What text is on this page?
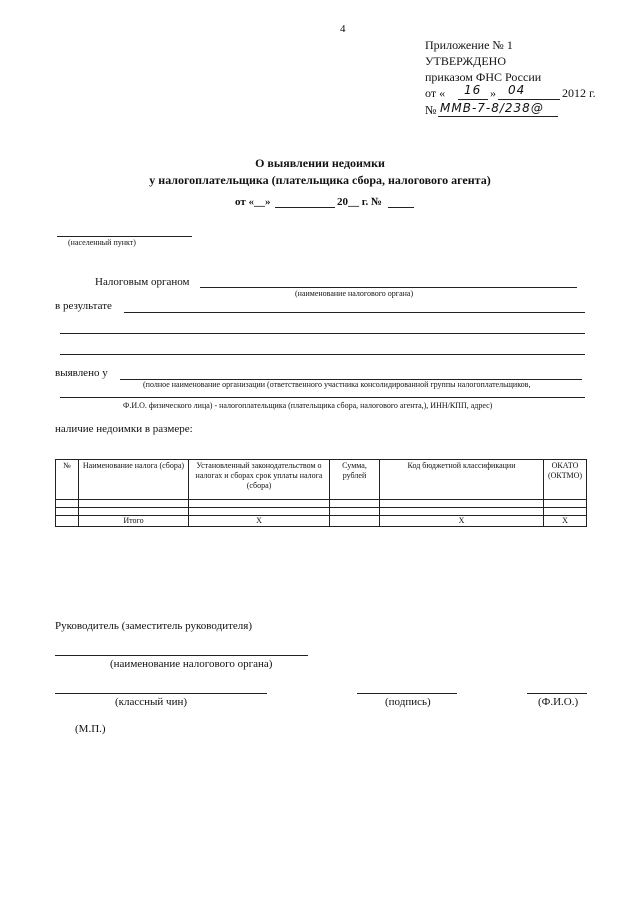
4
Приложение № 1
УТВЕРЖДЕНО
приказом ФНС России
от « 16 » 04	2012 г.
№ ММВ-7-8/238@
О выявлении недоимки
у налогоплательщика (плательщика сбора, налогового агента)
от «__»	20__ г. №
(населенный пункт)
Налоговым органом
(наименование налогового органа)
в результате
выявлено у
(полное наименование организации (ответственного участника консолидированной группы налогоплательщиков,
Ф.И.О. физического лица) - налогоплательщика (плательщика сбора, налогового агента,), ИНН/КПП, адрес)
наличие недоимки в размере:
№	Наименование налога (сбора)	Установленный законодательством о налогах и сборах срок уплаты налога (сбора)	Сумма, рублей	Код бюджетной классификации	ОКАТО (ОКТМО)

	Итого	X		X	X
Руководитель (заместитель руководителя)
(наименование налогового органа)
(классный чин)	(подпись)	(Ф.И.О.)
(М.П.)
